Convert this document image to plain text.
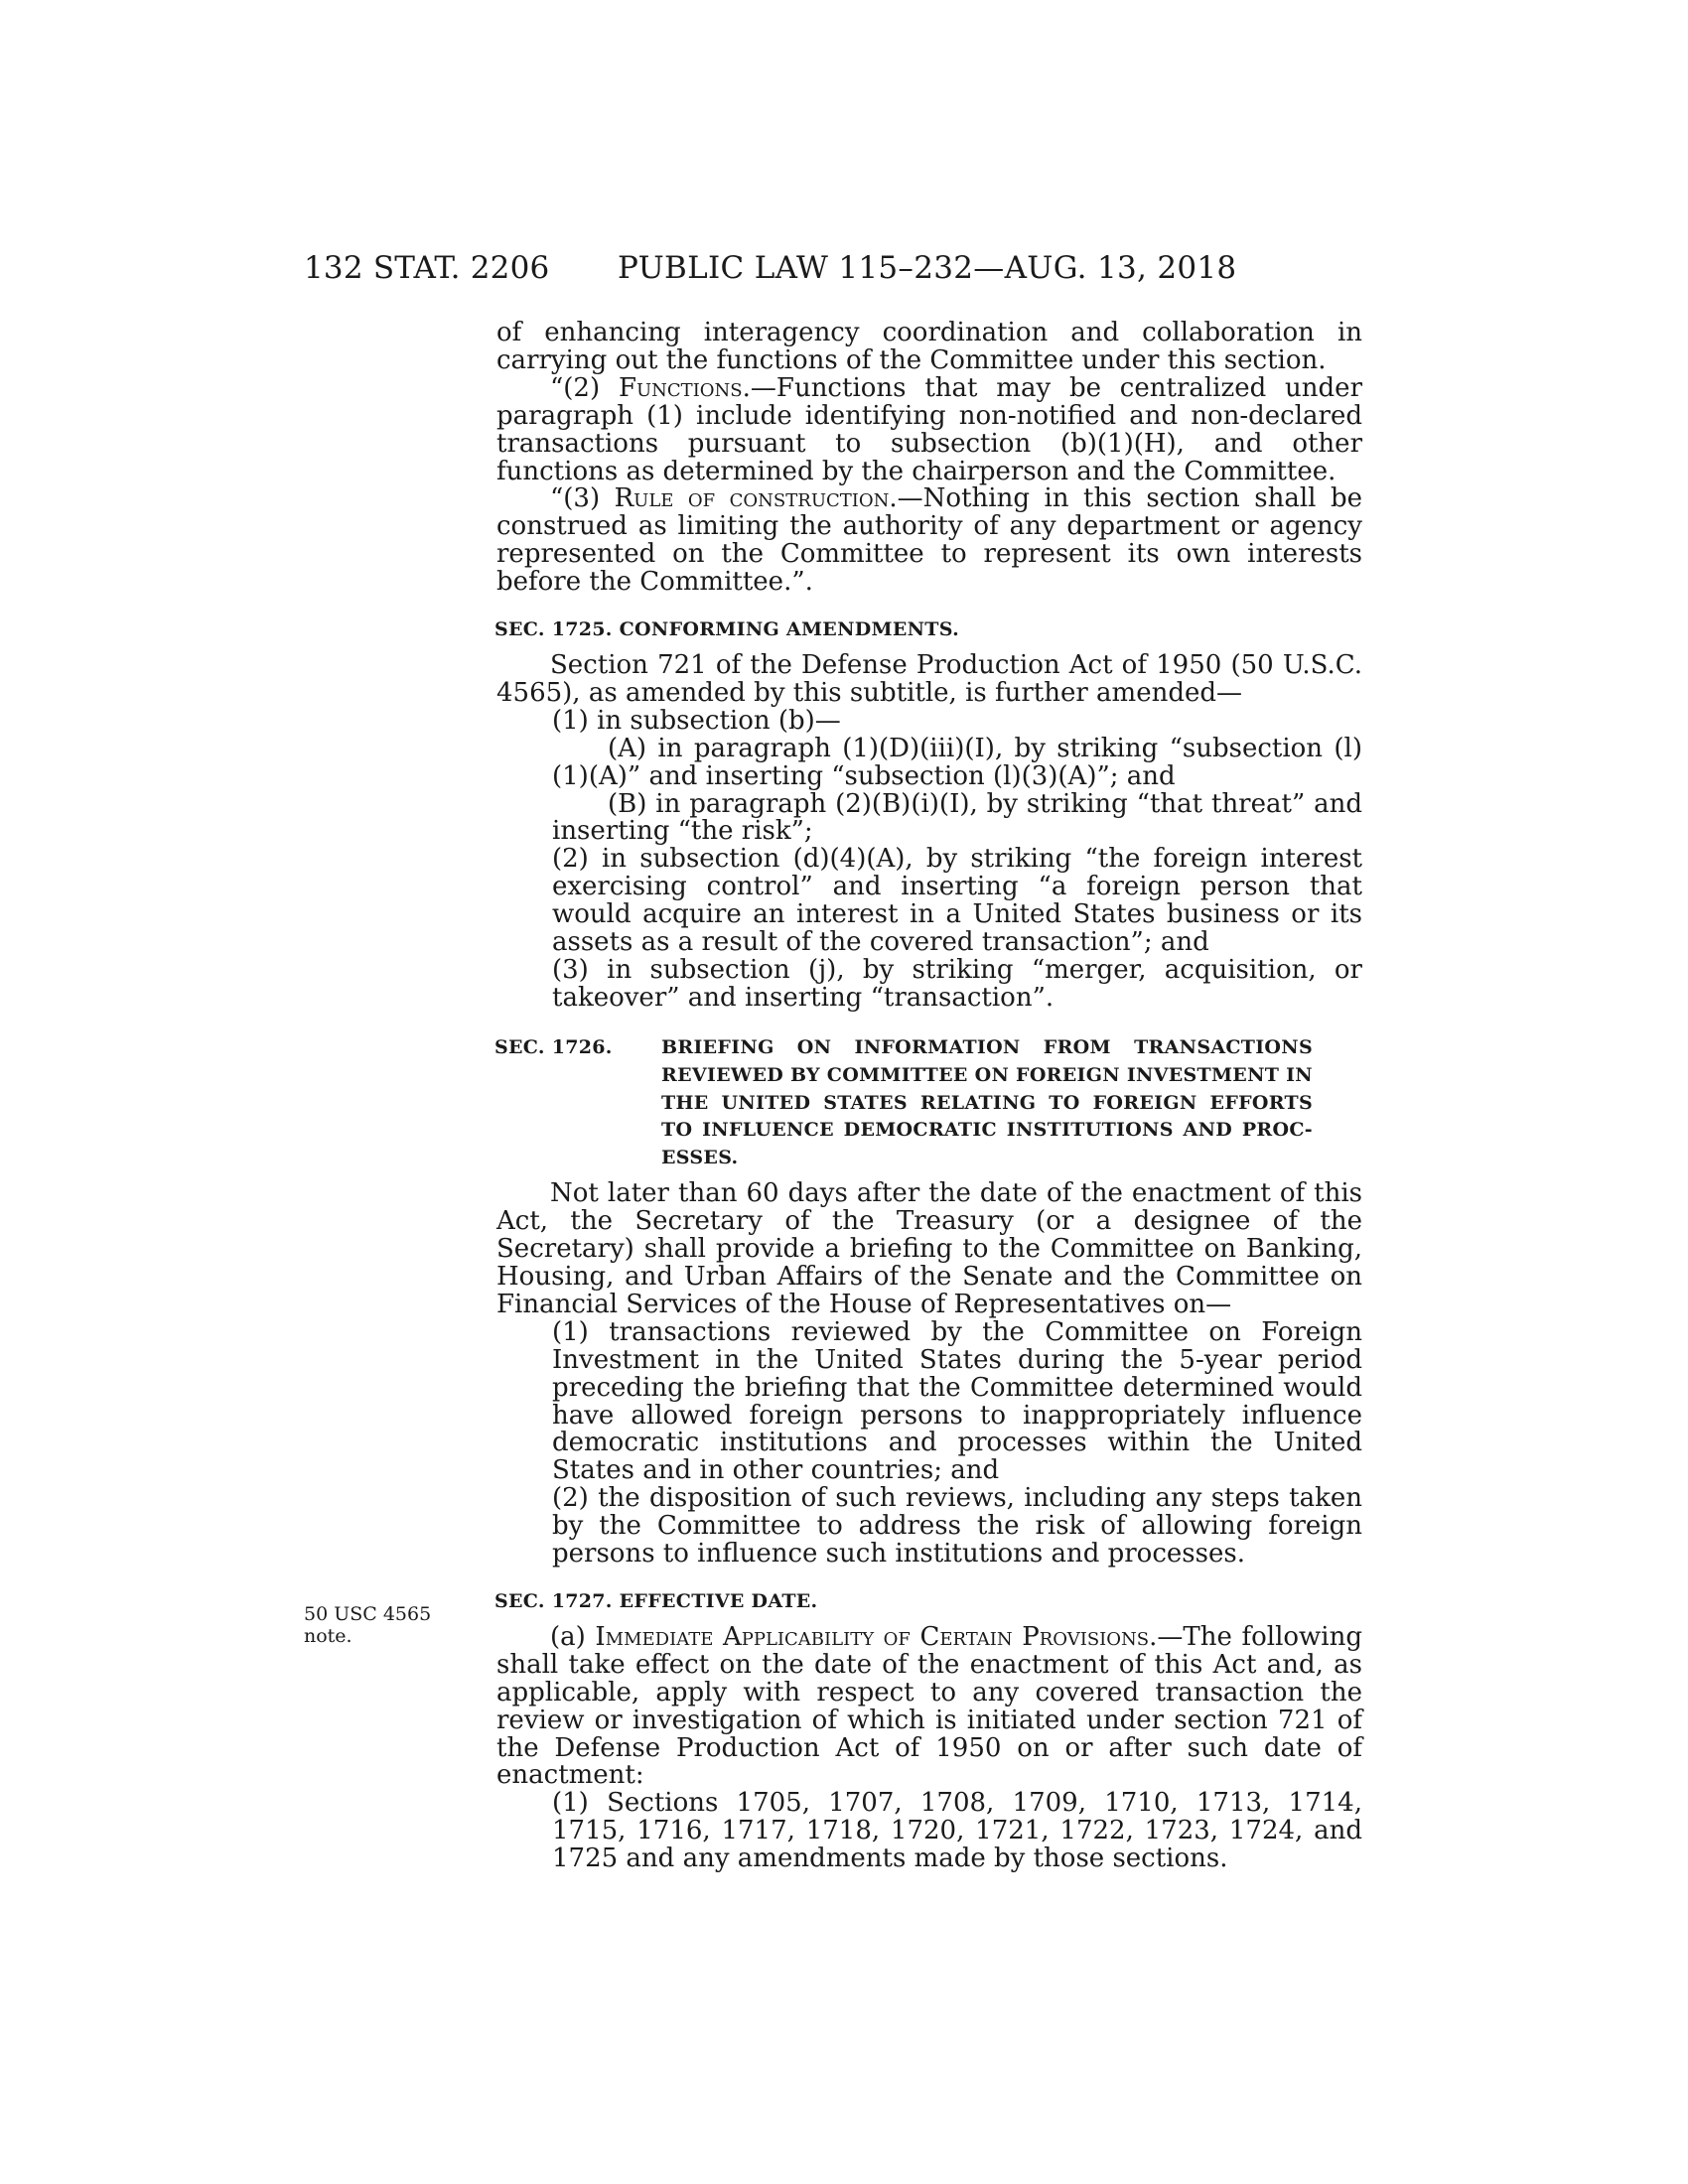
132 STAT. 2206 PUBLIC LAW 115–232—AUG. 13, 2018
50 USC 4565
note.

of enhancing interagency coordination and collaboration in carrying out the functions of the Committee under this section.

“(2) Functions.—Functions that may be centralized under paragraph (1) include identifying non-notified and non-declared transactions pursuant to subsection (b)(1)(H), and other functions as determined by the chairperson and the Committee.

“(3) Rule of construction.—Nothing in this section shall be construed as limiting the authority of any department or agency represented on the Committee to represent its own interests before the Committee.”.

SEC. 1725. CONFORMING AMENDMENTS.

Section 721 of the Defense Production Act of 1950 (50 U.S.C. 4565), as amended by this subtitle, is further amended—

(1) in subsection (b)—

(A) in paragraph (1)(D)(iii)(I), by striking “subsection (l)(1)(A)” and inserting “subsection (l)(3)(A)”; and

(B) in paragraph (2)(B)(i)(I), by striking “that threat” and inserting “the risk”;

(2) in subsection (d)(4)(A), by striking “the foreign interest exercising control” and inserting “a foreign person that would acquire an interest in a United States business or its assets as a result of the covered transaction”; and

(3) in subsection (j), by striking “merger, acquisition, or takeover” and inserting “transaction”.

SEC. 1726.	BRIEFING ON INFORMATION FROM TRANSACTIONS
REVIEWED BY COMMITTEE ON FOREIGN INVESTMENT IN
THE UNITED STATES RELATING TO FOREIGN EFFORTS
TO INFLUENCE DEMOCRATIC INSTITUTIONS AND PROC-
ESSES.

Not later than 60 days after the date of the enactment of this Act, the Secretary of the Treasury (or a designee of the Secretary) shall provide a briefing to the Committee on Banking, Housing, and Urban Affairs of the Senate and the Committee on Financial Services of the House of Representatives on—

(1) transactions reviewed by the Committee on Foreign Investment in the United States during the 5-year period preceding the briefing that the Committee determined would have allowed foreign persons to inappropriately influence democratic institutions and processes within the United States and in other countries; and

(2) the disposition of such reviews, including any steps taken by the Committee to address the risk of allowing foreign persons to influence such institutions and processes.

SEC. 1727. EFFECTIVE DATE.

(a) Immediate Applicability of Certain Provisions.—The following shall take effect on the date of the enactment of this Act and, as applicable, apply with respect to any covered transaction the review or investigation of which is initiated under section 721 of the Defense Production Act of 1950 on or after such date of enactment:

(1) Sections 1705, 1707, 1708, 1709, 1710, 1713, 1714, 1715, 1716, 1717, 1718, 1720, 1721, 1722, 1723, 1724, and 1725 and any amendments made by those sections.
